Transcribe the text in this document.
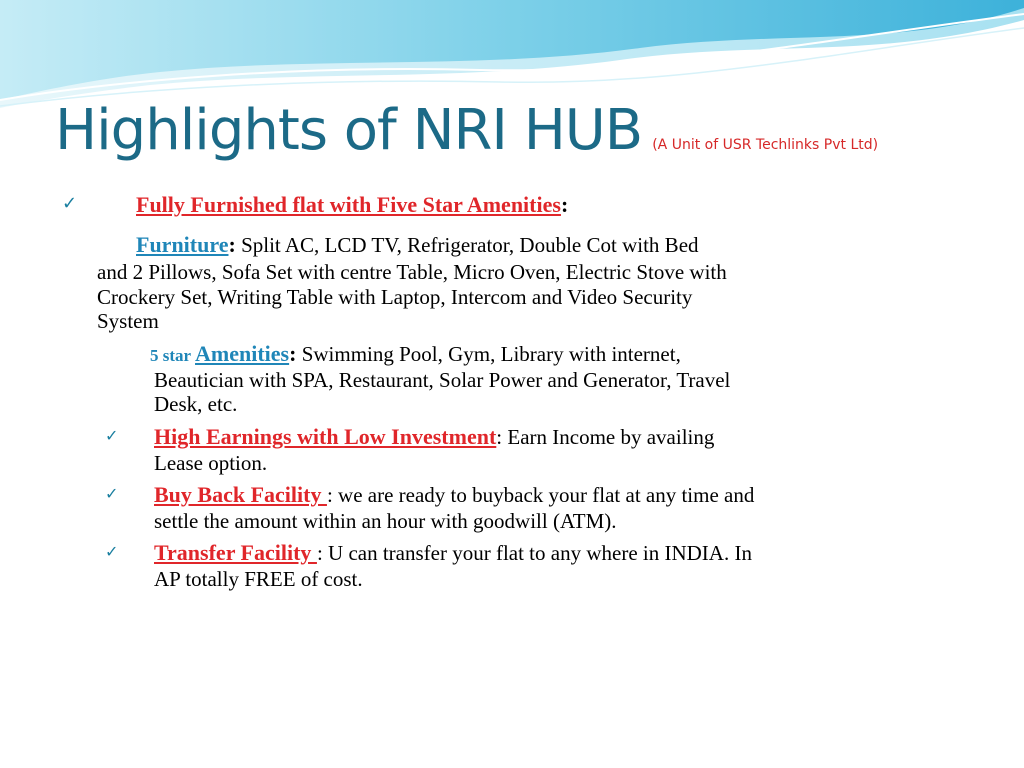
Highlights of NRI HUB (A Unit of USR Techlinks Pvt Ltd)
✓	Fully Furnished flat with Five Star Amenities:
Furniture: Split AC, LCD TV, Refrigerator, Double Cot with Bed
and 2 Pillows, Sofa Set with centre Table, Micro Oven, Electric Stove with
Crockery Set, Writing Table with Laptop, Intercom and Video Security
System
5 star Amenities: Swimming Pool, Gym, Library with internet,
Beautician with SPA, Restaurant, Solar Power and Generator, Travel
Desk, etc.
✓ High Earnings with Low Investment: Earn Income by availing
Lease option.
✓ Buy Back Facility : we are ready to buyback your flat at any time and
settle the amount within an hour with goodwill (ATM).
✓ Transfer Facility : U can transfer your flat to any where in INDIA. In
AP totally FREE of cost.
